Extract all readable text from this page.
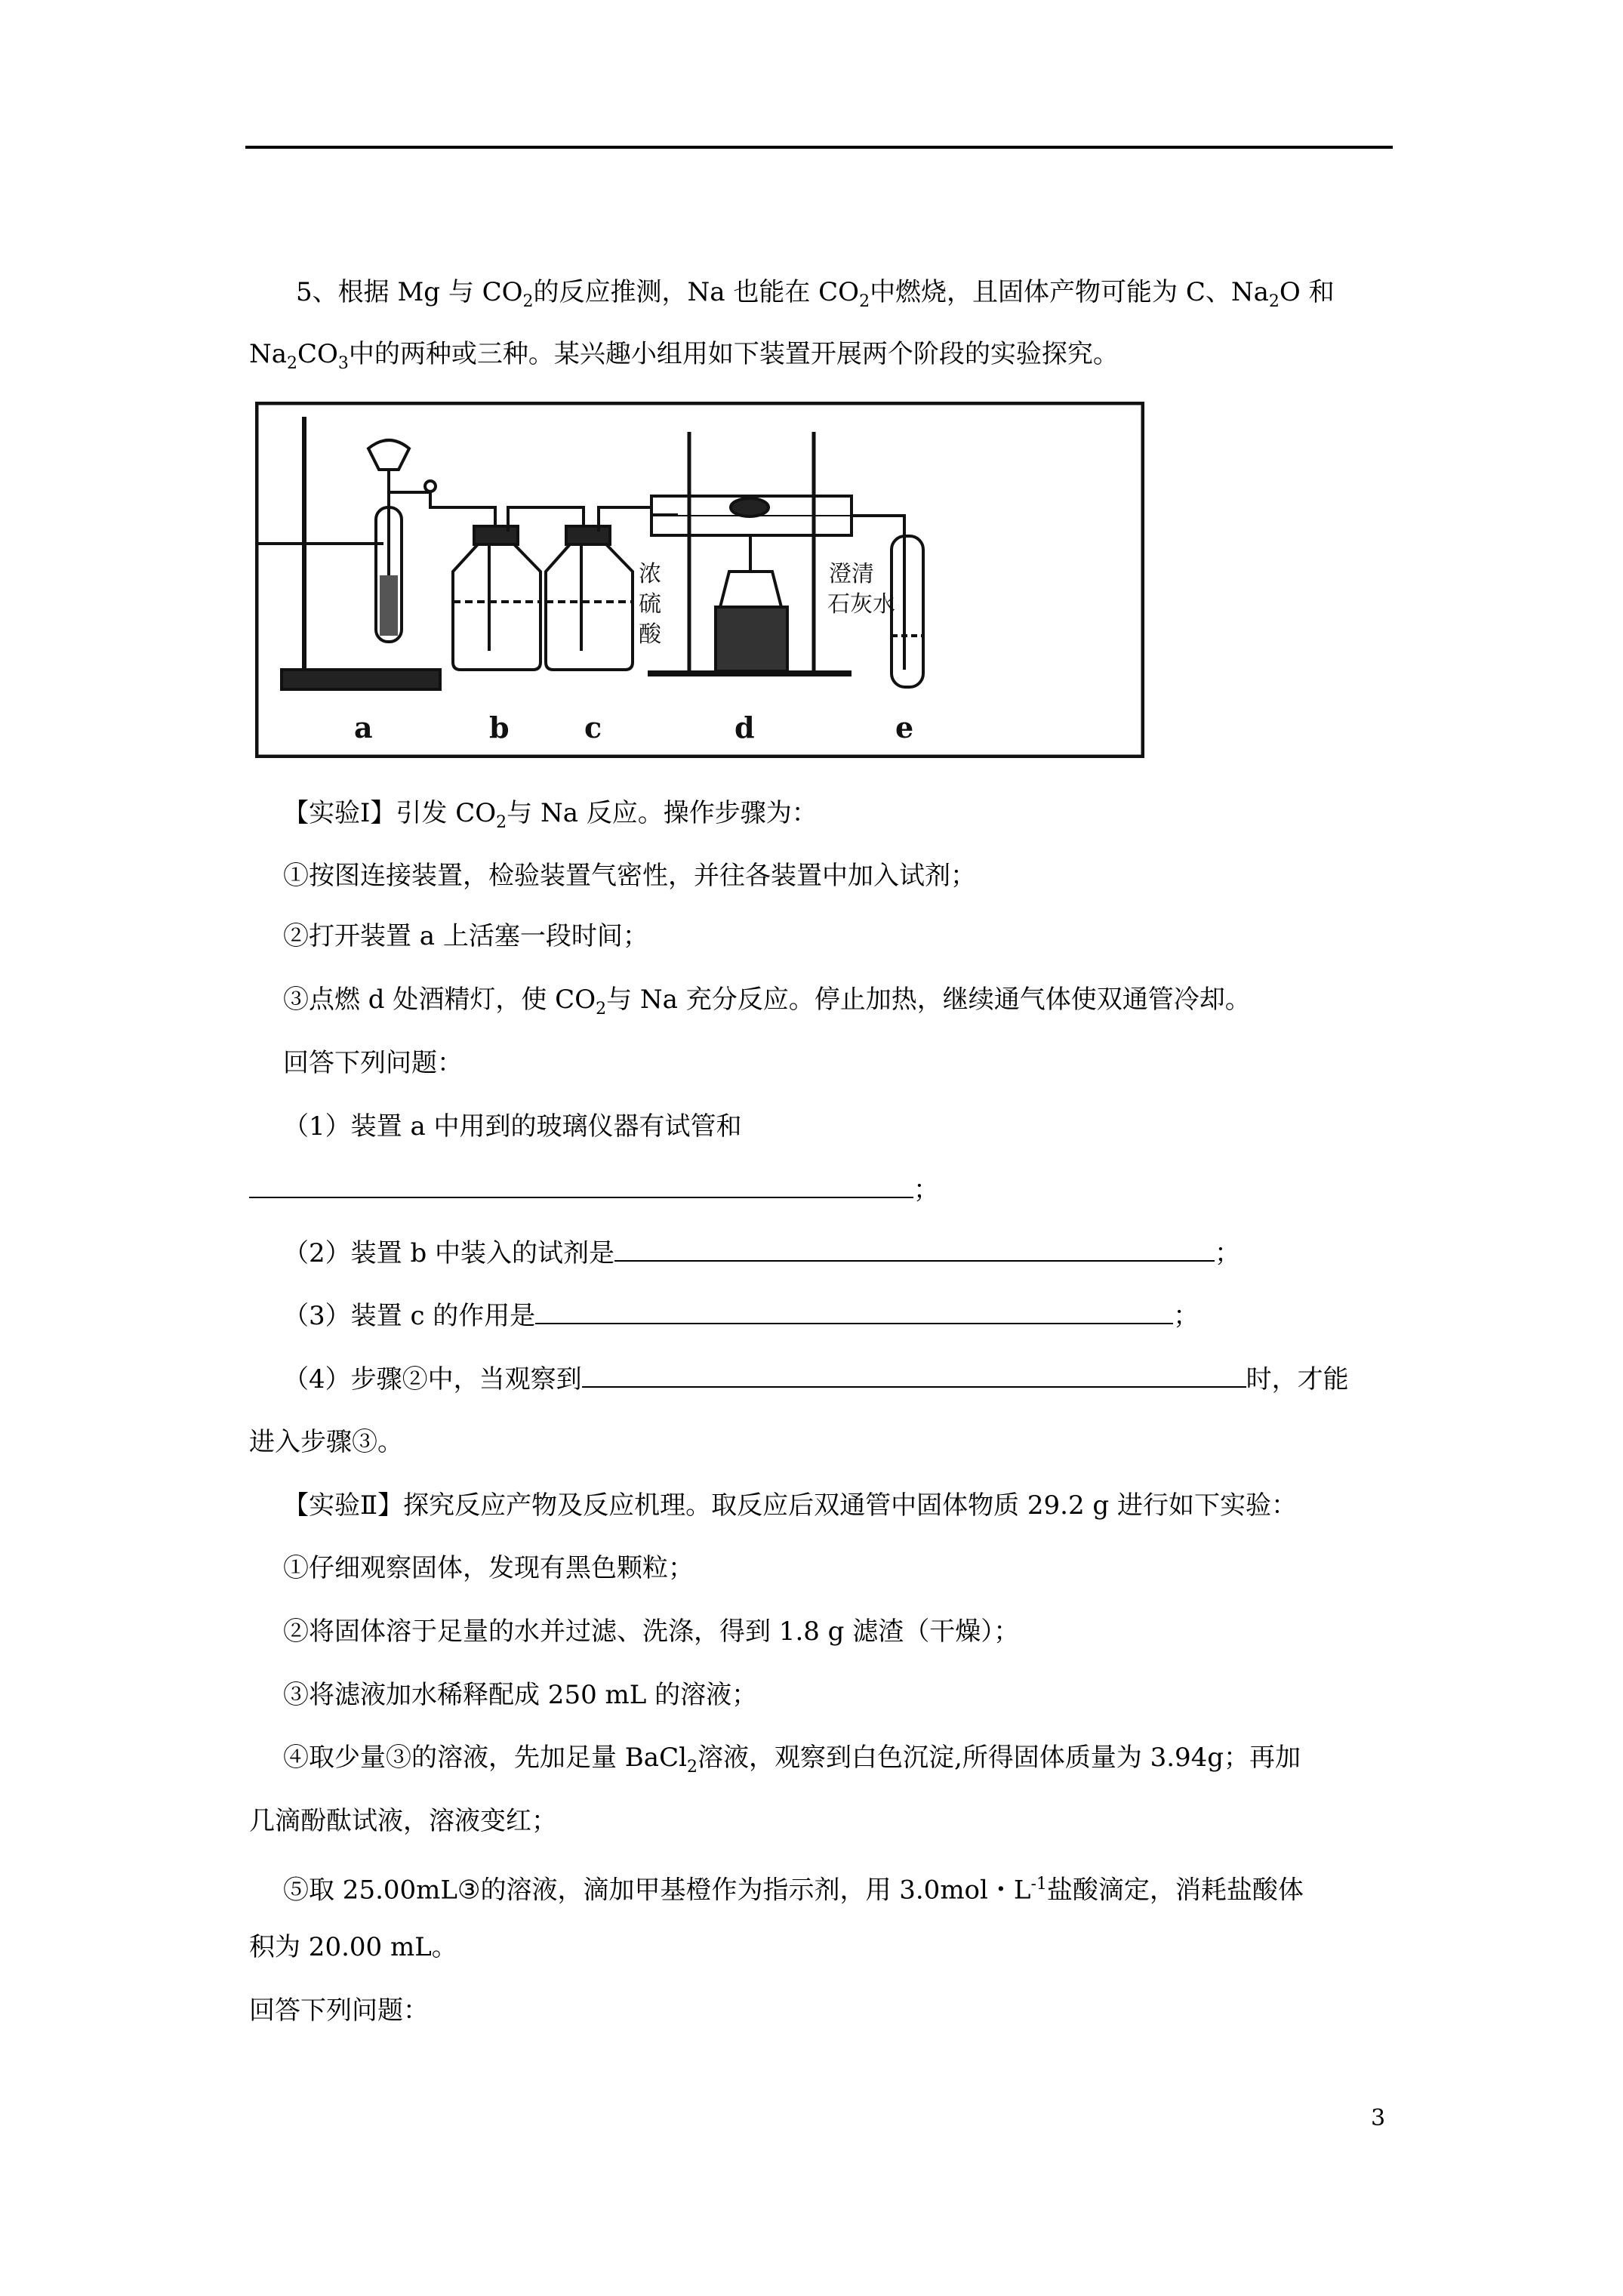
5、根据 Mg 与 $CO_2$的反应推测，Na 也能在 $CO_2$中燃烧，且固体产物可能为 C、$Na_2O$ 和
$Na_2CO_3$中的两种或三种。某兴趣小组用如下装置开展两个阶段的实验探究。
a	b	c	d	e
浓
硫
酸
澄清
石灰水
【实验Ⅰ】引发 $CO_2$与 Na 反应。操作步骤为：
①按图连接装置，检验装置气密性，并往各装置中加入试剂；
②打开装置 a 上活塞一段时间；
③点燃 d 处酒精灯，使 $CO_2$与 Na 充分反应。停止加热，继续通气体使双通管冷却。
回答下列问题：
（1）装置 a 中用到的玻璃仪器有试管和
；
（2）装置 b 中装入的试剂是	；
（3）装置 c 的作用是	；
（4）步骤②中，当观察到	时，才能
进入步骤③。
【实验Ⅱ】探究反应产物及反应机理。取反应后双通管中固体物质 29.2 g 进行如下实验：
①仔细观察固体，发现有黑色颗粒；
②将固体溶于足量的水并过滤、洗涤，得到 1.8 g 滤渣（干燥）；
③将滤液加水稀释配成 250 mL 的溶液；
④取少量③的溶液，先加足量 BaCl$_2$溶液，观察到白色沉淀,所得固体质量为 3.94g；再加
几滴酚酞试液，溶液变红；
⑤取 25.00mL③的溶液，滴加甲基橙作为指示剂，用 3.0mol・$L^{-1}$盐酸滴定，消耗盐酸体
积为 20.00 mL。
回答下列问题：
3
